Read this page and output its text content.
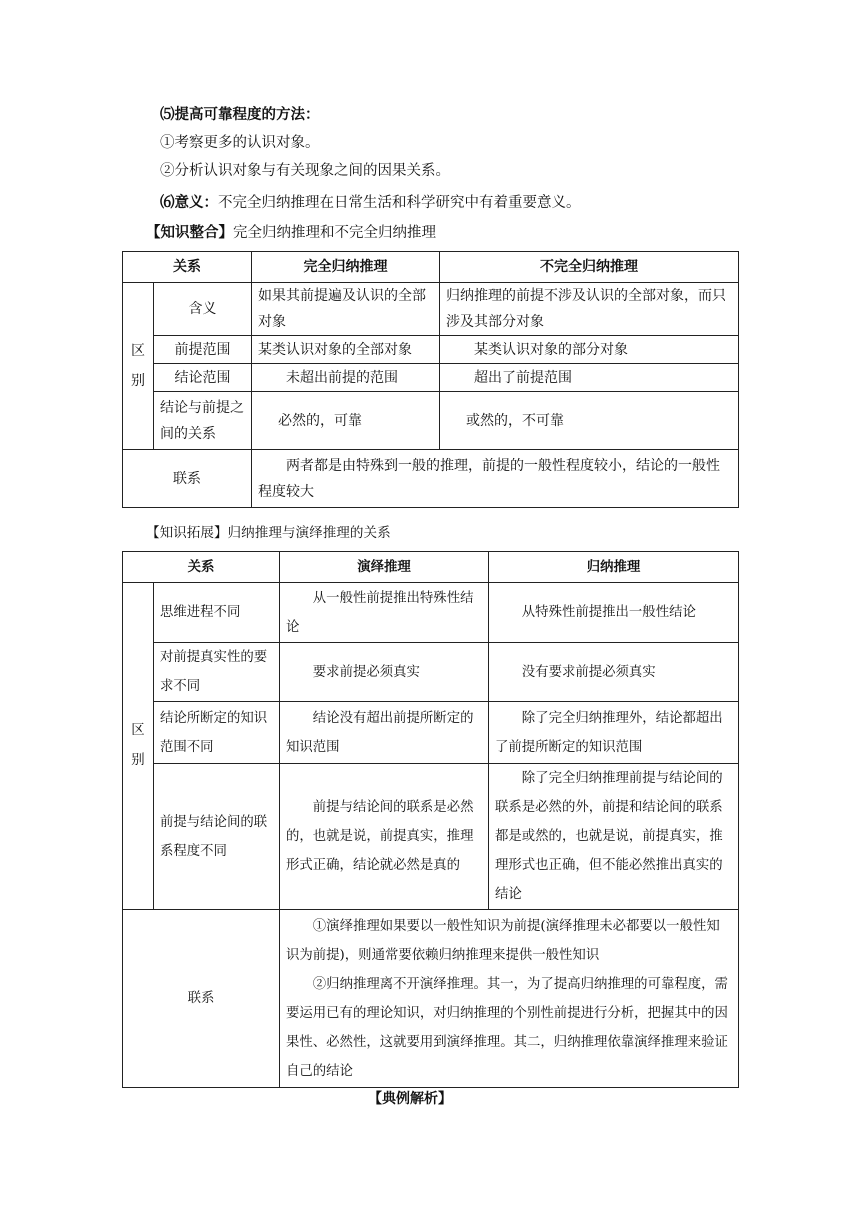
⑸提高可靠程度的方法：
①考察更多的认识对象。
②分析认识对象与有关现象之间的因果关系。
⑹意义：不完全归纳推理在日常生活和科学研究中有着重要意义。
【知识整合】完全归纳推理和不完全归纳推理
关系		完全归纳推理	不完全归纳推理
区
别	含义	如果其前提遍及认识的全部对象	归纳推理的前提不涉及认识的全部对象，而只涉及其部分对象
	前提范围	某类认识对象的全部对象	某类认识对象的部分对象
	结论范围	未超出前提的范围	超出了前提范围
	结论与前提之间的关系	必然的，可靠	或然的，不可靠
联系		两者都是由特殊到一般的推理，前提的一般性程度较小，结论的一般性程度较大	
【知识拓展】归纳推理与演绎推理的关系
关系		演绎推理	归纳推理
区
别	思维进程不同	从一般性前提推出特殊性结论	从特殊性前提推出一般性结论
	对前提真实性的要求不同	要求前提必须真实	没有要求前提必须真实
	结论所断定的知识范围不同	结论没有超出前提所断定的知识范围	除了完全归纳推理外，结论都超出了前提所断定的知识范围
	前提与结论间的联系程度不同	前提与结论间的联系是必然的，也就是说，前提真实，推理形式正确，结论就必然是真的	除了完全归纳推理前提与结论间的联系是必然的外，前提和结论间的联系都是或然的，也就是说，前提真实，推理形式也正确，但不能必然推出真实的结论
联系		①演绎推理如果要以一般性知识为前提(演绎推理未必都要以一般性知识为前提)，则通常要依赖归纳推理来提供一般性知识
②归纳推理离不开演绎推理。其一，为了提高归纳推理的可靠程度，需要运用已有的理论知识，对归纳推理的个别性前提进行分析，把握其中的因果性、必然性，这就要用到演绎推理。其二，归纳推理依靠演绎推理来验证自己的结论	
【典例解析】
